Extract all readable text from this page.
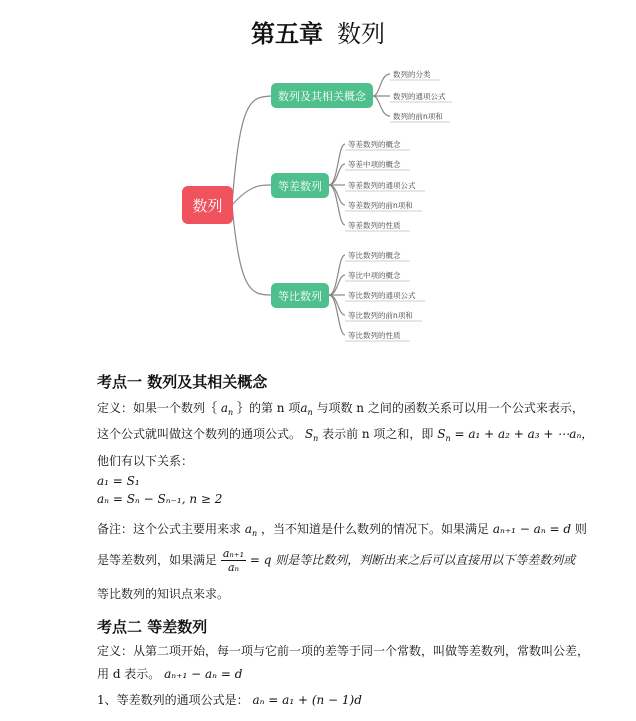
第五章 数列
数列
数列及其相关概念
等差数列
等比数列
数列的分类
数列的通项公式
数列的前n项和
等差数列的概念
等差中项的概念
等差数列的通项公式
等差数列的前n项和
等差数列的性质
等比数列的概念
等比中项的概念
等比数列的通项公式
等比数列的前n项和
等比数列的性质
考点一 数列及其相关概念
定义：如果一个数列｛ $a_n$ ｝的第 n 项$a_n$ 与项数 n 之间的函数关系可以用一个公式来表示，
这个公式就叫做这个数列的通项公式。 $S_n$ 表示前 n 项之和，即 $S_n = a_1 + a_2 + a_3$ + ⋯aₙ，
他们有以下关系：
a₁ = S₁
aₙ = Sₙ − Sₙ₋₁, n ≥ 2
备注：这个公式主要用来求 $a_n$ ，当不知道是什么数列的情况下。如果满足 aₙ₊₁ − aₙ = d 则
是等差数列，如果满足 $\frac{\text{aₙ₊₁}}{\text{aₙ}} = q$ 则是等比数列，判断出来之后可以直接用以下等差数列或
等比数列的知识点来求。
考点二 等差数列
定义：从第二项开始，每一项与它前一项的差等于同一个常数，叫做等差数列，常数叫公差，
用 d 表示。 aₙ₊₁ − aₙ = d
1、等差数列的通项公式是： aₙ = a₁ + (n − 1)d
